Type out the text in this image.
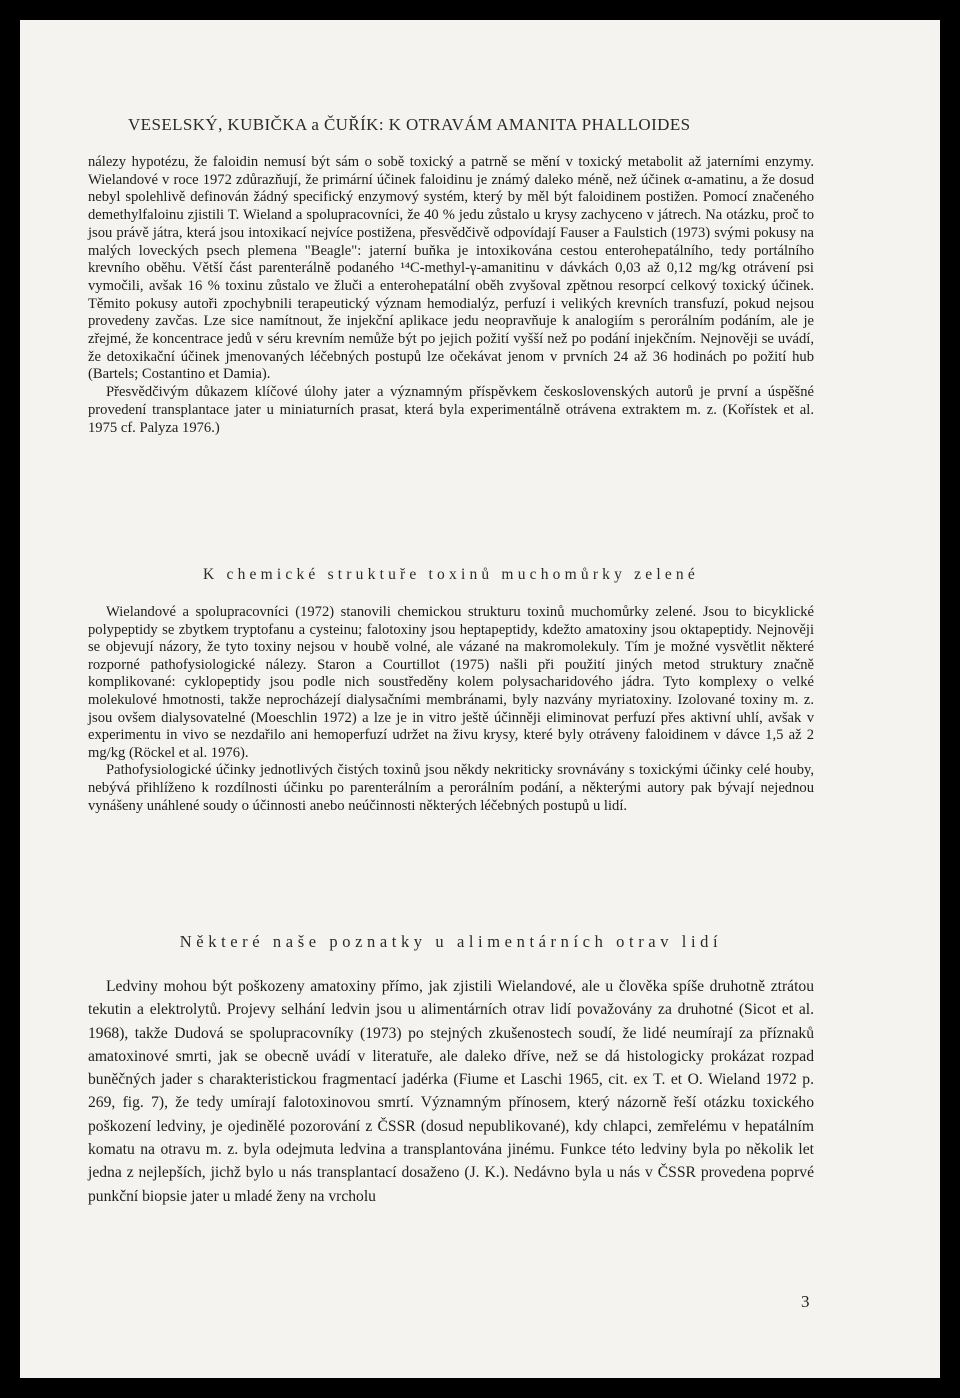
VESELSKÝ, KUBIČKA a ČUŘÍK: K OTRAVÁM AMANITA PHALLOIDES

nálezy hypotézu, že faloidin nemusí být sám o sobě toxický a patrně se mění v toxický metabolit až jaterními enzymy. Wielandové v roce 1972 zdůrazňují, že primární účinek faloidinu je známý daleko méně, než účinek α-amatinu, a že dosud nebyl spolehlivě definován žádný specifický enzymový systém, který by měl být faloidinem postižen. Pomocí značeného demethylfaloinu zjistili T. Wieland a spolupracovníci, že 40 % jedu zůstalo u krysy zachyceno v játrech. Na otázku, proč to jsou právě játra, která jsou intoxikací nejvíce postižena, přesvědčivě odpovídají Fauser a Faulstich (1973) svými pokusy na malých loveckých psech plemena "Beagle": jaterní buňka je intoxikována cestou enterohepatálního, tedy portálního krevního oběhu. Větší část parenterálně podaného ¹⁴C-methyl-γ-amanitinu v dávkách 0,03 až 0,12 mg/kg otrávení psi vymočili, avšak 16 % toxinu zůstalo ve žluči a enterohepatální oběh zvyšoval zpětnou resorpcí celkový toxický účinek. Těmito pokusy autoři zpochybnili terapeutický význam hemodialýz, perfuzí i velikých krevních transfuzí, pokud nejsou provedeny zavčas. Lze sice namítnout, že injekční aplikace jedu neopravňuje k analogiím s perorálním podáním, ale je zřejmé, že koncentrace jedů v séru krevním nemůže být po jejich požití vyšší než po podání injekčním. Nejnověji se uvádí, že detoxikační účinek jmenovaných léčebných postupů lze očekávat jenom v prvních 24 až 36 hodinách po požití hub (Bartels; Costantino et Damia).

Přesvědčivým důkazem klíčové úlohy jater a významným příspěvkem československých autorů je první a úspěšné provedení transplantace jater u miniaturních prasat, která byla experimentálně otrávena extraktem m. z. (Kořístek et al. 1975 cf. Palyza 1976.)

K chemické struktuře toxinů muchomůrky zelené

Wielandové a spolupracovníci (1972) stanovili chemickou strukturu toxinů muchomůrky zelené. Jsou to bicyklické polypeptidy se zbytkem tryptofanu a cysteinu; falotoxiny jsou heptapeptidy, kdežto amatoxiny jsou oktapeptidy. Nejnověji se objevují názory, že tyto toxiny nejsou v houbě volné, ale vázané na makromolekuly. Tím je možné vysvětlit některé rozporné pathofysiologické nálezy. Staron a Courtillot (1975) našli při použití jiných metod struktury značně komplikované: cyklopeptidy jsou podle nich soustředěny kolem polysacharidového jádra. Tyto komplexy o velké molekulové hmotnosti, takže neprocházejí dialysačními membránami, byly nazvány myriatoxiny. Izolované toxiny m. z. jsou ovšem dialysovatelné (Moeschlin 1972) a lze je in vitro ještě účinněji eliminovat perfuzí přes aktivní uhlí, avšak v experimentu in vivo se nezdařilo ani hemoperfuzí udržet na živu krysy, které byly otráveny faloidinem v dávce 1,5 až 2 mg/kg (Röckel et al. 1976).

Pathofysiologické účinky jednotlivých čistých toxinů jsou někdy nekriticky srovnávány s toxickými účinky celé houby, nebývá přihlíženo k rozdílnosti účinku po parenterálním a perorálním podání, a některými autory pak bývají nejednou vynášeny unáhlené soudy o účinnosti anebo neúčinnosti některých léčebných postupů u lidí.

Některé naše poznatky u alimentárních otrav lidí

Ledviny mohou být poškozeny amatoxiny přímo, jak zjistili Wielandové, ale u člověka spíše druhotně ztrátou tekutin a elektrolytů. Projevy selhání ledvin jsou u alimentárních otrav lidí považovány za druhotné (Sicot et al. 1968), takže Dudová se spolupracovníky (1973) po stejných zkušenostech soudí, že lidé neumírají za příznaků amatoxinové smrti, jak se obecně uvádí v literatuře, ale daleko dříve, než se dá histologicky prokázat rozpad buněčných jader s charakteristickou fragmentací jadérka (Fiume et Laschi 1965, cit. ex T. et O. Wieland 1972 p. 269, fig. 7), že tedy umírají falotoxinovou smrtí. Významným přínosem, který názorně řeší otázku toxického poškození ledviny, je ojedinělé pozorování z ČSSR (dosud nepublikované), kdy chlapci, zemřelému v hepatálním komatu na otravu m. z. byla odejmuta ledvina a transplantována jinému. Funkce této ledviny byla po několik let jedna z nejlepších, jichž bylo u nás transplantací dosaženo (J. K.). Nedávno byla u nás v ČSSR provedena poprvé punkční biopsie jater u mladé ženy na vrcholu

3
